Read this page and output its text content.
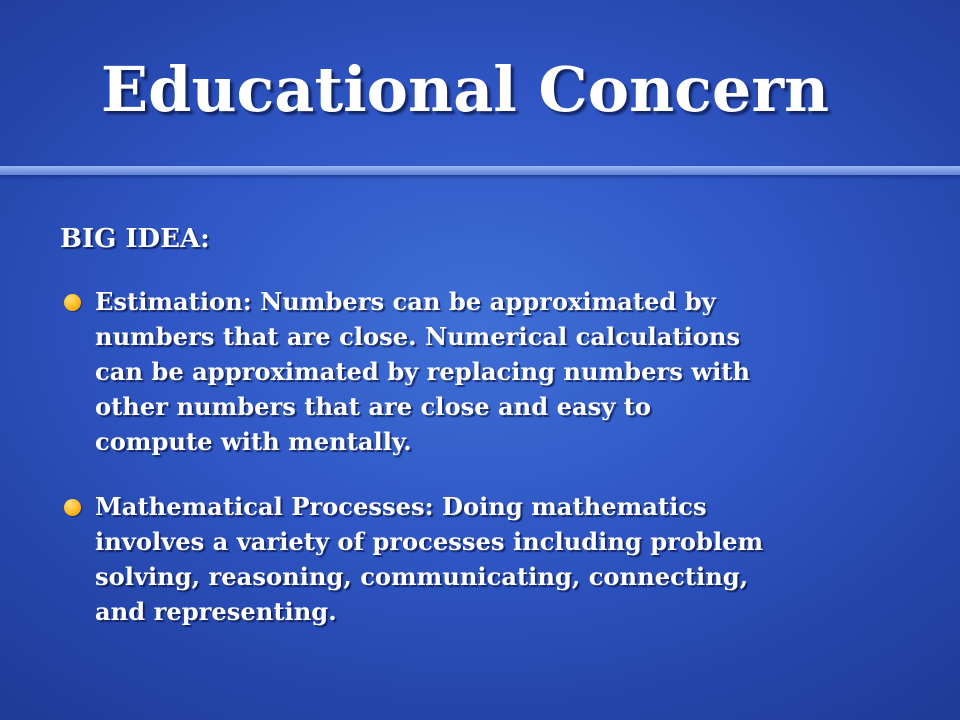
Educational Concern
BIG IDEA:
Estimation: Numbers can be approximated by
numbers that are close. Numerical calculations
can be approximated by replacing numbers with
other numbers that are close and easy to
compute with mentally.
Mathematical Processes: Doing mathematics
involves a variety of processes including problem
solving, reasoning, communicating, connecting,
and representing.
